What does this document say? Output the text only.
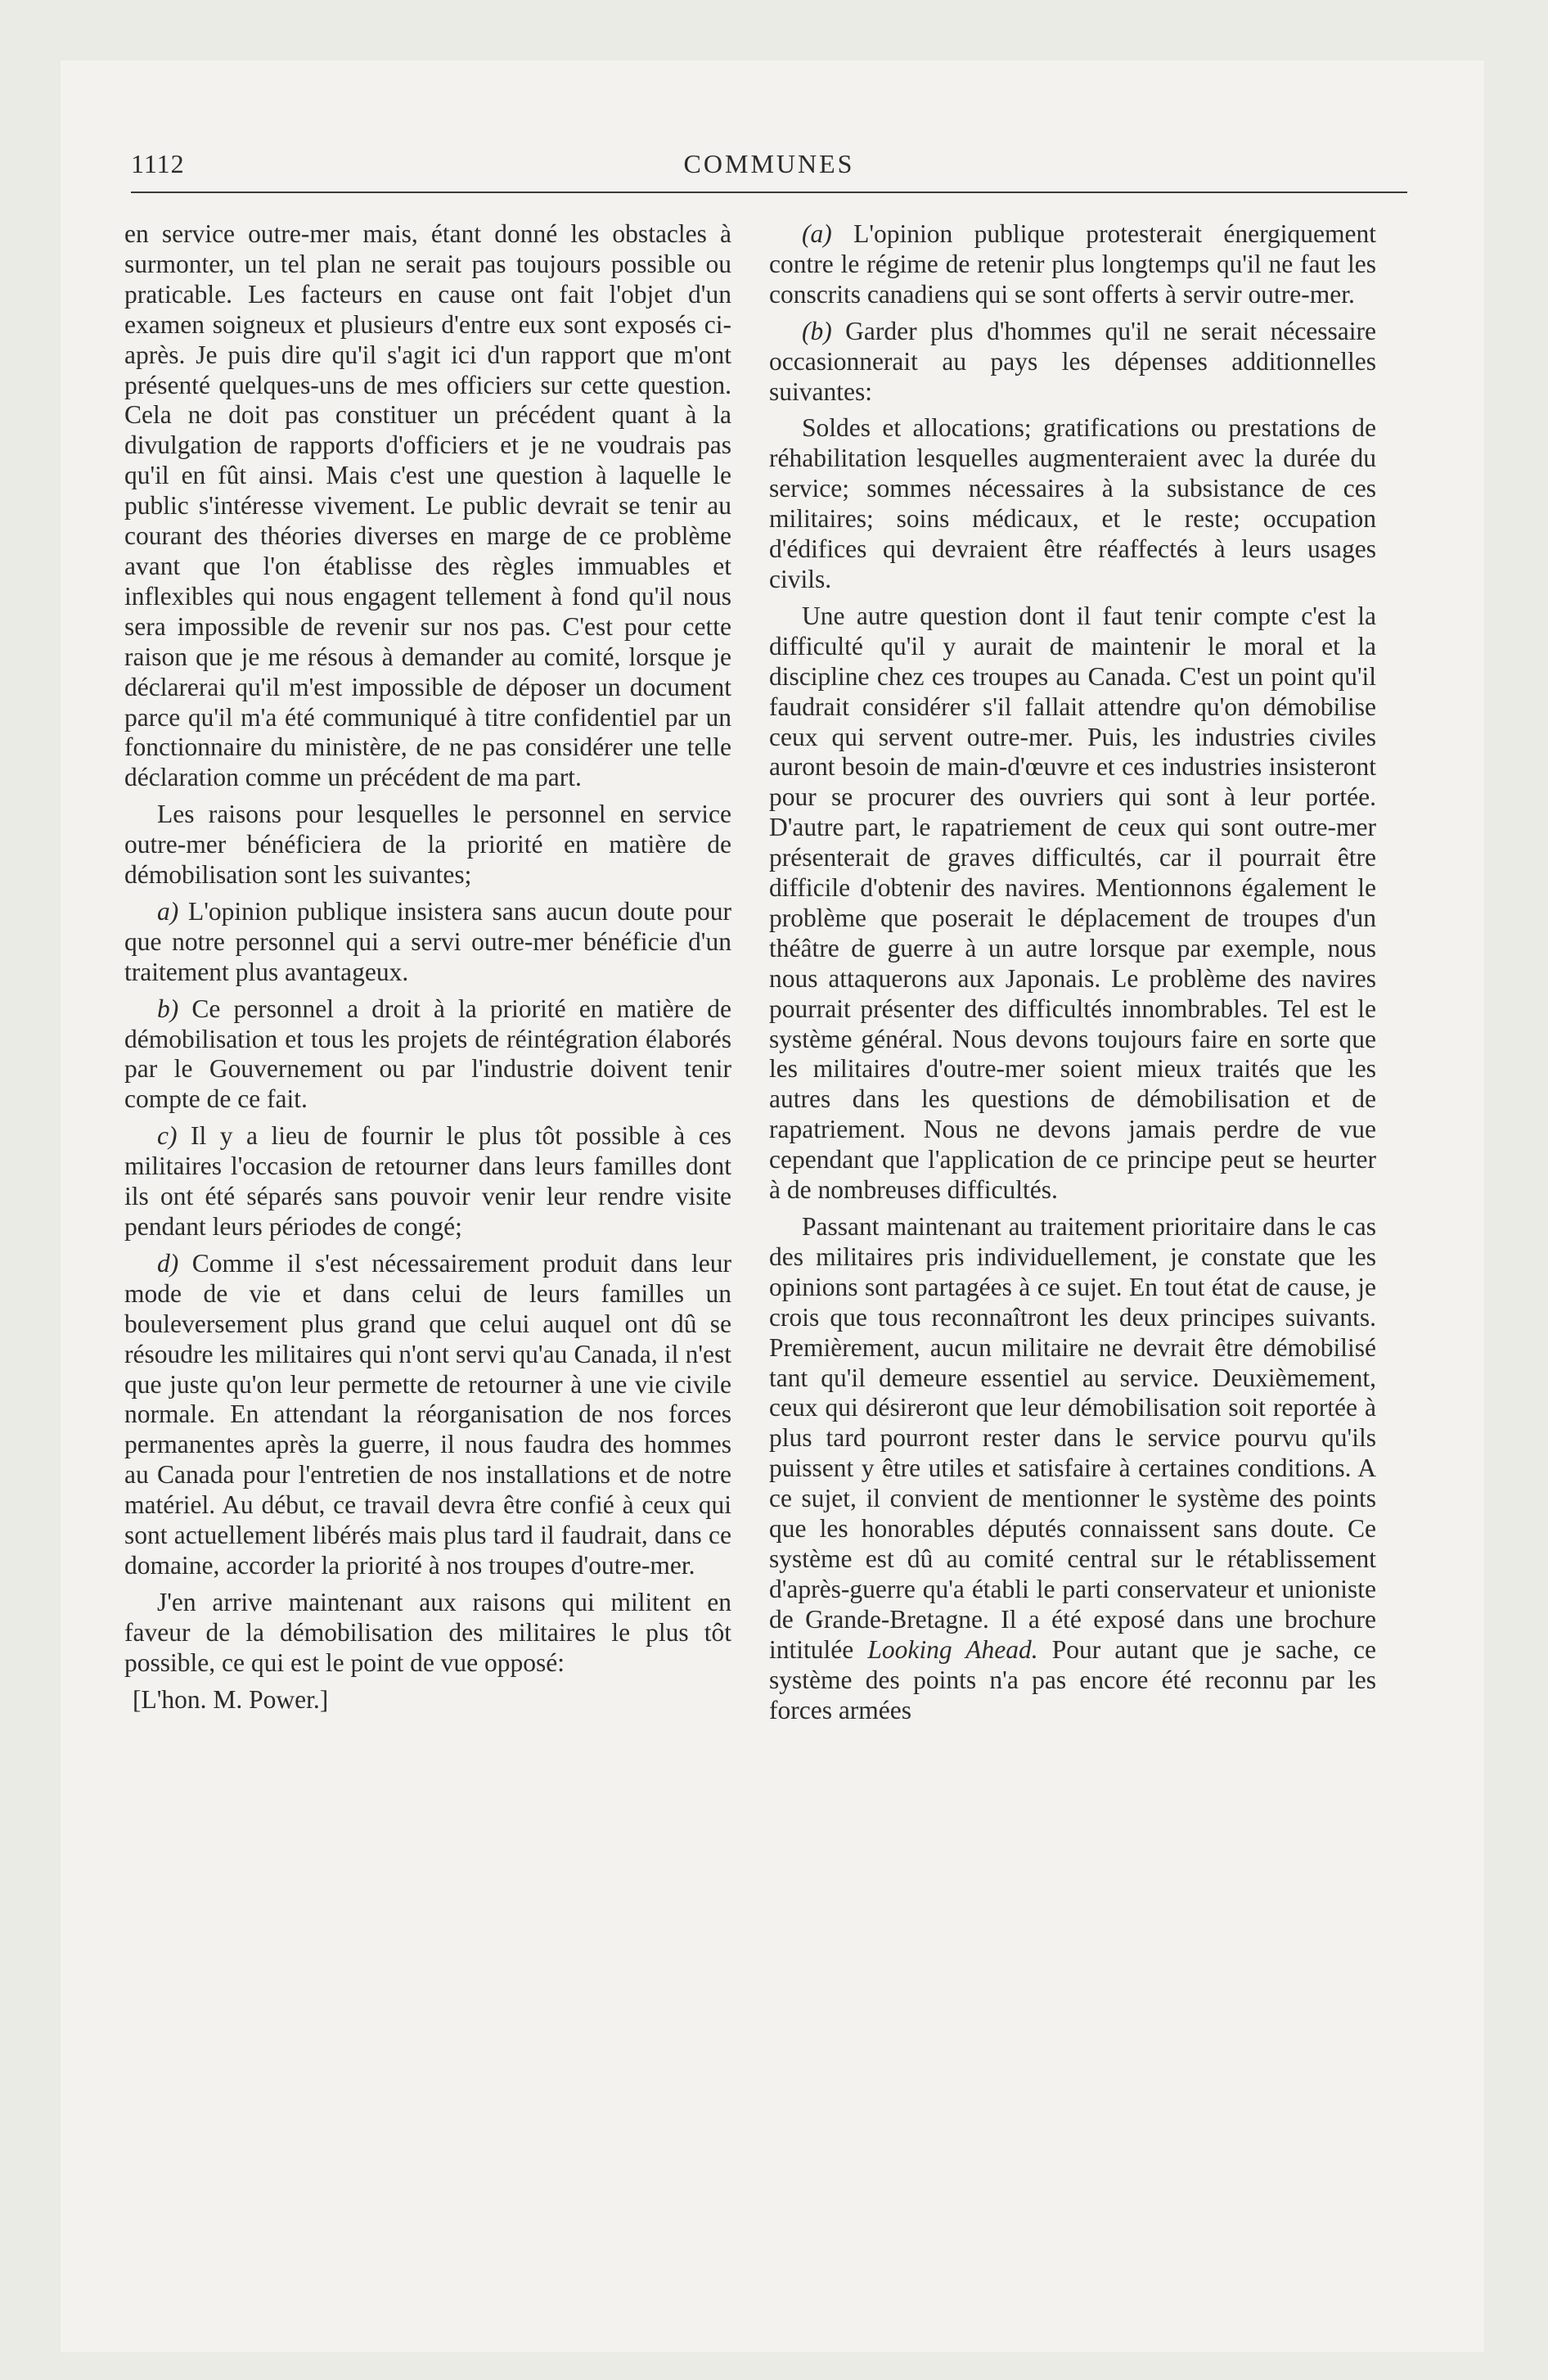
1112	COMMUNES

en service outre-mer mais, étant donné les obstacles à surmonter, un tel plan ne serait pas toujours possible ou praticable. Les facteurs en cause ont fait l'objet d'un examen soigneux et plusieurs d'entre eux sont exposés ci-après. Je puis dire qu'il s'agit ici d'un rapport que m'ont présenté quelques-uns de mes officiers sur cette question. Cela ne doit pas constituer un précédent quant à la divulgation de rapports d'officiers et je ne voudrais pas qu'il en fût ainsi. Mais c'est une question à laquelle le public s'intéresse vivement. Le public devrait se tenir au courant des théories diverses en marge de ce problème avant que l'on établisse des règles immuables et inflexibles qui nous engagent tellement à fond qu'il nous sera impossible de revenir sur nos pas. C'est pour cette raison que je me résous à demander au comité, lorsque je déclarerai qu'il m'est impossible de déposer un document parce qu'il m'a été communiqué à titre confidentiel par un fonctionnaire du ministère, de ne pas considérer une telle déclaration comme un précédent de ma part.

Les raisons pour lesquelles le personnel en service outre-mer bénéficiera de la priorité en matière de démobilisation sont les suivantes;

a) L'opinion publique insistera sans aucun doute pour que notre personnel qui a servi outre-mer bénéficie d'un traitement plus avantageux.

b) Ce personnel a droit à la priorité en matière de démobilisation et tous les projets de réintégration élaborés par le Gouvernement ou par l'industrie doivent tenir compte de ce fait.

c) Il y a lieu de fournir le plus tôt possible à ces militaires l'occasion de retourner dans leurs familles dont ils ont été séparés sans pouvoir venir leur rendre visite pendant leurs périodes de congé;

d) Comme il s'est nécessairement produit dans leur mode de vie et dans celui de leurs familles un bouleversement plus grand que celui auquel ont dû se résoudre les militaires qui n'ont servi qu'au Canada, il n'est que juste qu'on leur permette de retourner à une vie civile normale. En attendant la réorganisation de nos forces permanentes après la guerre, il nous faudra des hommes au Canada pour l'entretien de nos installations et de notre matériel. Au début, ce travail devra être confié à ceux qui sont actuellement libérés mais plus tard il faudrait, dans ce domaine, accorder la priorité à nos troupes d'outre-mer.

J'en arrive maintenant aux raisons qui militent en faveur de la démobilisation des militaires le plus tôt possible, ce qui est le point de vue opposé:

[L'hon. M. Power.]

(a) L'opinion publique protesterait énergiquement contre le régime de retenir plus longtemps qu'il ne faut les conscrits canadiens qui se sont offerts à servir outre-mer.

(b) Garder plus d'hommes qu'il ne serait nécessaire occasionnerait au pays les dépenses additionnelles suivantes:

Soldes et allocations; gratifications ou prestations de réhabilitation lesquelles augmenteraient avec la durée du service; sommes nécessaires à la subsistance de ces militaires; soins médicaux, et le reste; occupation d'édifices qui devraient être réaffectés à leurs usages civils.

Une autre question dont il faut tenir compte c'est la difficulté qu'il y aurait de maintenir le moral et la discipline chez ces troupes au Canada. C'est un point qu'il faudrait considérer s'il fallait attendre qu'on démobilise ceux qui servent outre-mer. Puis, les industries civiles auront besoin de main-d'œuvre et ces industries insisteront pour se procurer des ouvriers qui sont à leur portée. D'autre part, le rapatriement de ceux qui sont outre-mer présenterait de graves difficultés, car il pourrait être difficile d'obtenir des navires. Mentionnons également le problème que poserait le déplacement de troupes d'un théâtre de guerre à un autre lorsque par exemple, nous nous attaquerons aux Japonais. Le problème des navires pourrait présenter des difficultés innombrables. Tel est le système général. Nous devons toujours faire en sorte que les militaires d'outre-mer soient mieux traités que les autres dans les questions de démobilisation et de rapatriement. Nous ne devons jamais perdre de vue cependant que l'application de ce principe peut se heurter à de nombreuses difficultés.

Passant maintenant au traitement prioritaire dans le cas des militaires pris individuellement, je constate que les opinions sont partagées à ce sujet. En tout état de cause, je crois que tous reconnaîtront les deux principes suivants. Premièrement, aucun militaire ne devrait être démobilisé tant qu'il demeure essentiel au service. Deuxièmement, ceux qui désireront que leur démobilisation soit reportée à plus tard pourront rester dans le service pourvu qu'ils puissent y être utiles et satisfaire à certaines conditions. A ce sujet, il convient de mentionner le système des points que les honorables députés connaissent sans doute. Ce système est dû au comité central sur le rétablissement d'après-guerre qu'a établi le parti conservateur et unioniste de Grande-Bretagne. Il a été exposé dans une brochure intitulée Looking Ahead. Pour autant que je sache, ce système des points n'a pas encore été reconnu par les forces armées
